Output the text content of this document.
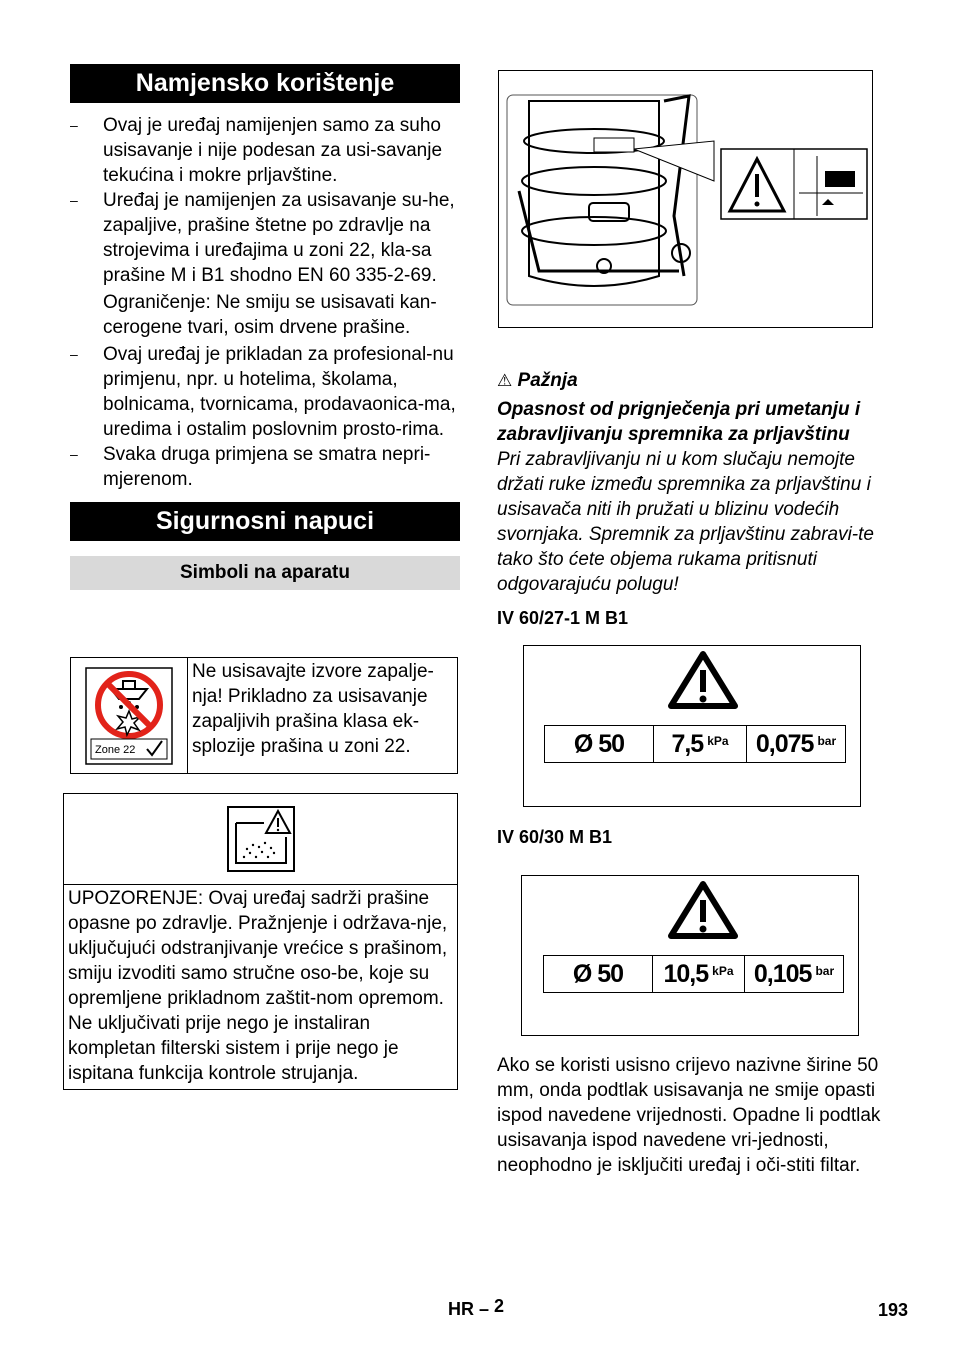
Namjensko korištenje
– Ovaj je uređaj namijenjen samo za suho usisavanje i nije podesan za usi-savanje tekućina i mokre prljavštine.
– Uređaj je namijenjen za usisavanje su-he, zapaljive, prašine štetne po zdravlje na strojevima i uređajima u zoni 22, kla-sa prašine M i B1 shodno EN 60 335-2-69.

Ograničenje: Ne smiju se usisavati kan-cerogene tvari, osim drvene prašine.

– Ovaj uređaj je prikladan za profesional-nu primjenu, npr. u hotelima, školama, bolnicama, tvornicama, prodavaonica-ma, uredima i ostalim poslovnim prosto-rima.
– Svaka druga primjena se smatra nepri-mjerenom.
Sigurnosni napuci
Simboli na aparatu
Zone 22
Ne usisavajte izvore zapalje-nja! Prikladno za usisavanje zapaljivih prašina klasa ek-splozije prašina u zoni 22.
UPOZORENJE: Ovaj uređaj sadrži prašine opasne po zdravlje. Pražnjenje i održava-nje, uključujući odstranjivanje vrećice s prašinom, smiju izvoditi samo stručne oso-be, koje su opremljene prikladnom zaštit-nom opremom. Ne uključivati prije nego je instaliran kompletan filterski sistem i prije nego je ispitana funkcija kontrole strujanja.
⚠ Pažnja
Opasnost od prignječenja pri umetanju i zabravljivanju spremnika za prljavštinu
Pri zabravljivanju ni u kom slučaju nemojte držati ruke između spremnika za prljavštinu i usisavača niti ih pružati u blizinu vodećih svornjaka. Spremnik za prljavštinu zabravi-te tako što ćete objema rukama pritisnuti odgovarajuću polugu!
IV 60/27-1 M B1
Ø 50	7,5 kPa 0,075 bar
IV 60/30 M B1
Ø 50	10,5 kPa 0,105 bar
Ako se koristi usisno crijevo nazivne širine 50 mm, onda podtlak usisavanja ne smije opasti ispod navedene vrijednosti. Opadne li podtlak usisavanja ispod navedene vri-jednosti, neophodno je isključiti uređaj i oči-stiti filtar.
HR – 2	193
